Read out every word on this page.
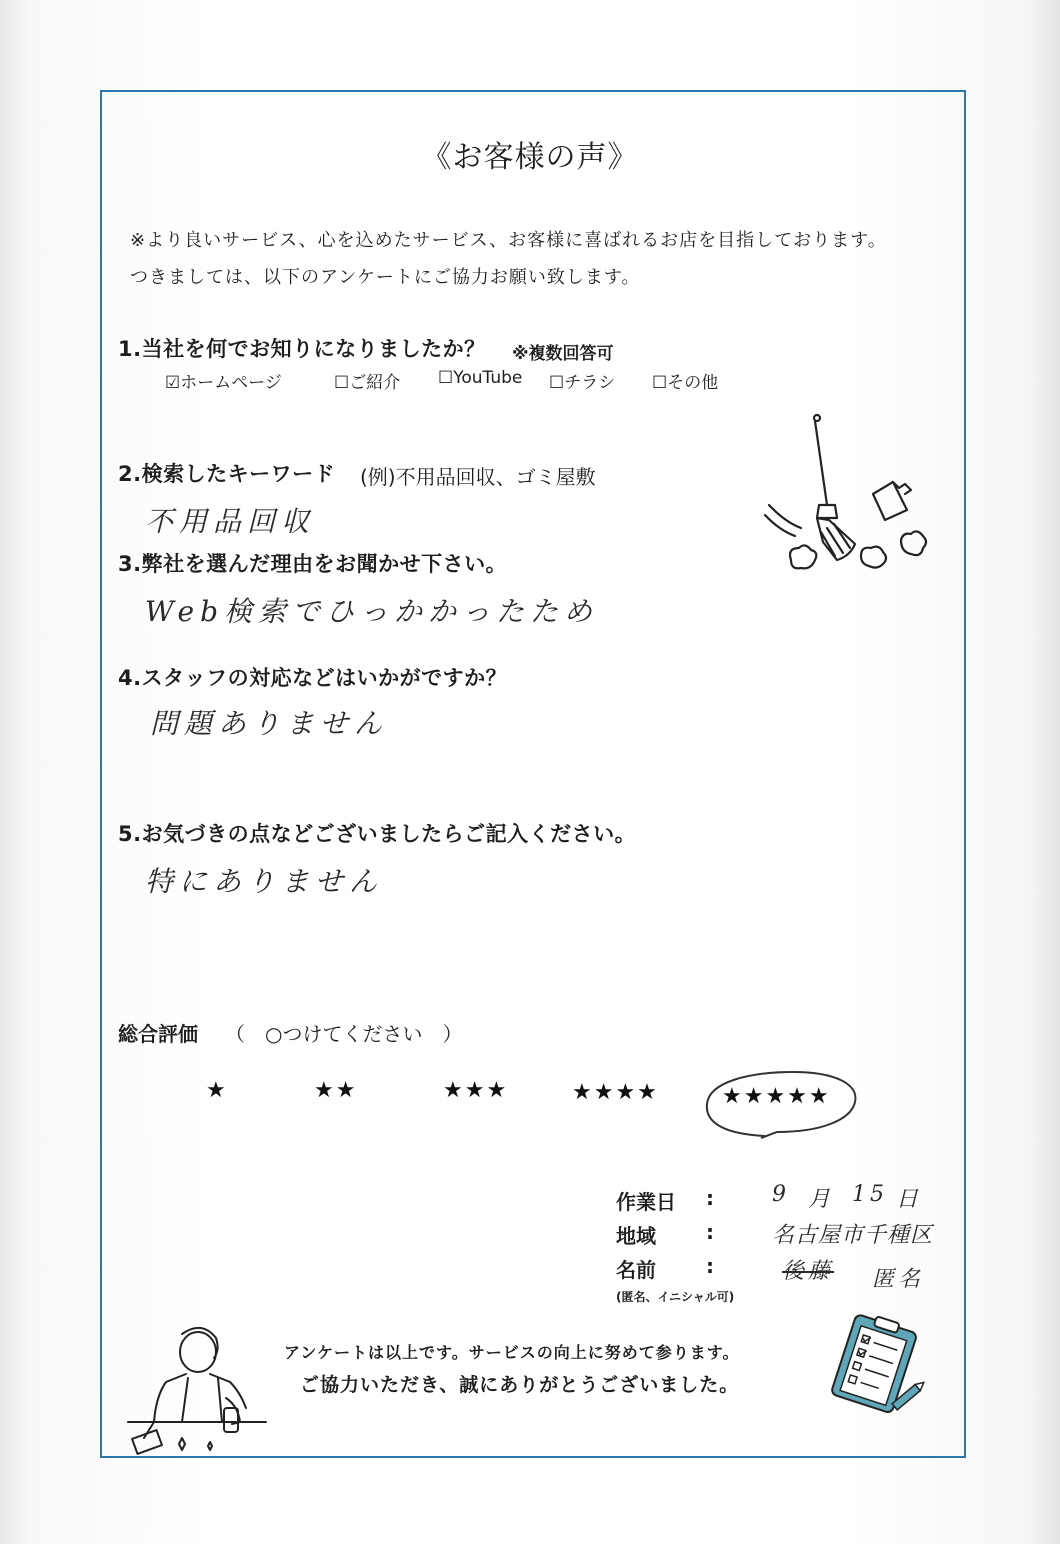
《お客様の声》
※より良いサービス、心を込めたサービス、お客様に喜ばれるお店を目指しております。
つきましては、以下のアンケートにご協力お願い致します。
1.当社を何でお知りになりましたか？ ※複数回答可
☑ホームページ	☐ご紹介 ☐YouTube ☐チラシ ☐その他
2.検索したキーワード (例)不用品回収、ゴミ屋敷
不用品回収
3.弊社を選んだ理由をお聞かせ下さい。
Web検索でひっかかったため
4.スタッフの対応などはいかがですか？
問題ありません
5.お気づきの点などございましたらご記入ください。
特にありません
総合評価 （　○つけてください　）
★	★★	★★★	★★★★	★★★★★
作業日 :	9 月 15 日
地域	:	名古屋市千種区
名前	:	後藤 匿名
(匿名、イニシャル可)
アンケートは以上です。サービスの向上に努めて参ります。
ご協力いただき、誠にありがとうございました。
